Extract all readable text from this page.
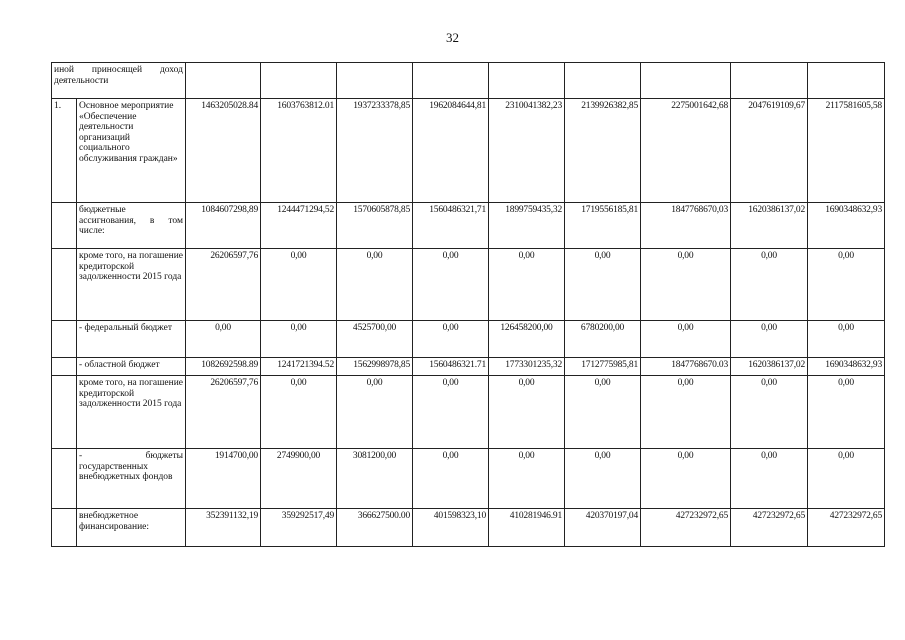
32
иной приносящей доход деятельности										
1.	Основное мероприятие «Обеспечение деятельности организаций социального обслуживания граждан»	1463205028.84	1603763812.01	1937233378,85	1962084644,81	2310041382,23	2139926382,85	2275001642,68	2047619109,67	2117581605,58
	бюджетные ассигнования, в том числе:	1084607298,89	1244471294,52	1570605878,85	1560486321,71	1899759435,32	1719556185,81	1847768670,03	1620386137,02	1690348632,93
	кроме того, на погашение кредиторской задолженности 2015 года	26206597,76	0,00	0,00	0,00	0,00	0,00	0,00	0,00	0,00
	- федеральный бюджет	0,00	0,00	4525700,00	0,00	126458200,00	6780200,00	0,00	0,00	0,00
	- областной бюджет	1082692598.89	1241721394.52	1562998978,85	1560486321.71	1773301235,32	1712775985,81	1847768670.03	1620386137,02	1690348632,93
	кроме того, на погашение кредиторской задолженности 2015 года	26206597,76	0,00	0,00	0,00	0,00	0,00	0,00	0,00	0,00
	- бюджеты государственных внебюджетных фондов	1914700,00	2749900,00	3081200,00	0,00	0,00	0,00	0,00	0,00	0,00
	внебюджетное финансирование:	352391132,19	359292517,49	366627500.00	401598323,10	410281946.91	420370197,04	427232972,65	427232972,65	427232972,65
